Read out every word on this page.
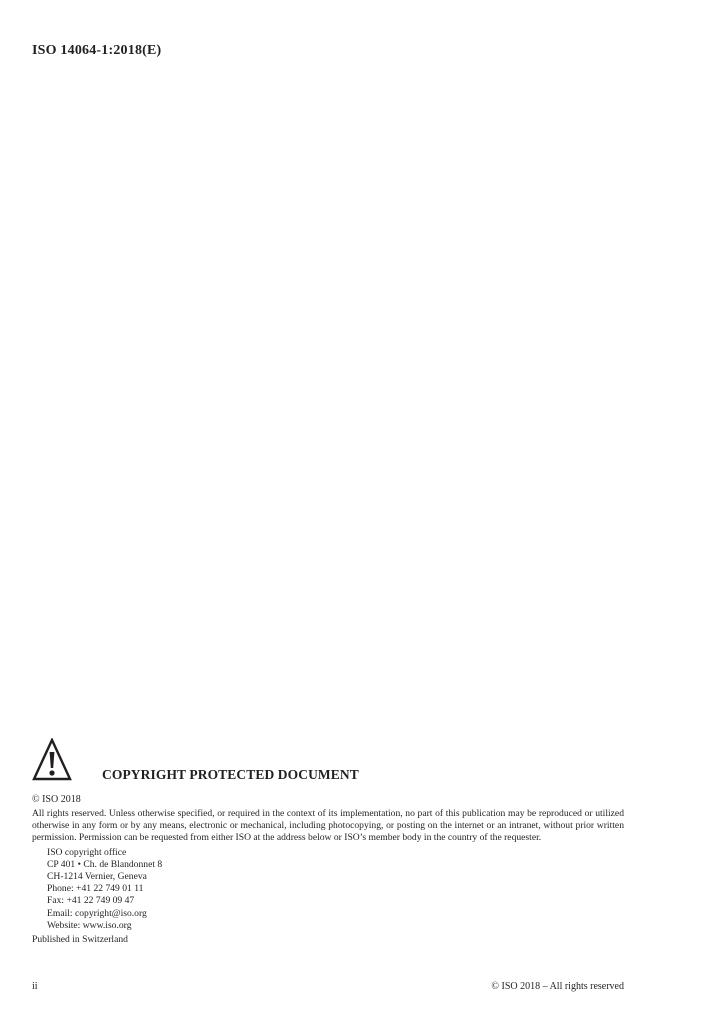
ISO 14064-1:2018(E)
COPYRIGHT PROTECTED DOCUMENT
© ISO 2018
All rights reserved. Unless otherwise specified, or required in the context of its implementation, no part of this publication may be reproduced or utilized otherwise in any form or by any means, electronic or mechanical, including photocopying, or posting on the internet or an intranet, without prior written permission. Permission can be requested from either ISO at the address below or ISO’s member body in the country of the requester.
ISO copyright office
CP 401 • Ch. de Blandonnet 8
CH-1214 Vernier, Geneva
Phone: +41 22 749 01 11
Fax: +41 22 749 09 47
Email: copyright@iso.org
Website: www.iso.org
Published in Switzerland
ii	© ISO 2018 – All rights reserved
